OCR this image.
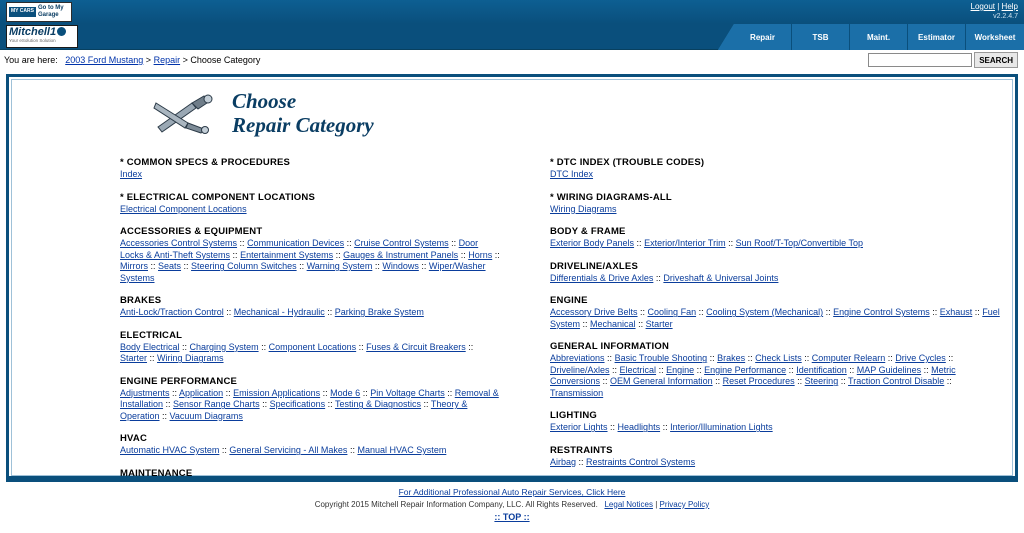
MY CARS
Go to My Garage
Logout | Help
v2.2.4.7
Mitchell1
Your eSolution Solution	Repair	TSB	Maint.	Estimator	Worksheet
You are here: 2003 Ford Mustang > Repair > Choose Category	SEARCH
Choose
Repair Category
* COMMON SPECS & PROCEDURES
Index
* ELECTRICAL COMPONENT LOCATIONS
Electrical Component Locations
ACCESSORIES & EQUIPMENT
Accessories Control Systems :: Communication Devices :: Cruise Control Systems :: Door Locks & Anti-Theft Systems :: Entertainment Systems :: Gauges & Instrument Panels :: Horns :: Mirrors :: Seats :: Steering Column Switches :: Warning System :: Windows :: Wiper/Washer Systems
BRAKES
Anti-Lock/Traction Control :: Mechanical - Hydraulic :: Parking Brake System
ELECTRICAL
Body Electrical :: Charging System :: Component Locations :: Fuses & Circuit Breakers :: Starter :: Wiring Diagrams
ENGINE PERFORMANCE
Adjustments :: Application :: Emission Applications :: Mode 6 :: Pin Voltage Charts :: Removal & Installation :: Sensor Range Charts :: Specifications :: Testing & Diagnostics :: Theory & Operation :: Vacuum Diagrams
HVAC
Automatic HVAC System :: General Servicing - All Makes :: Manual HVAC System
MAINTENANCE
* DTC INDEX (TROUBLE CODES)
DTC Index
* WIRING DIAGRAMS-ALL
Wiring Diagrams
BODY & FRAME
Exterior Body Panels :: Exterior/Interior Trim :: Sun Roof/T-Top/Convertible Top
DRIVELINE/AXLES
Differentials & Drive Axles :: Driveshaft & Universal Joints
ENGINE
Accessory Drive Belts :: Cooling Fan :: Cooling System (Mechanical) :: Engine Control Systems :: Exhaust :: Fuel System :: Mechanical :: Starter
GENERAL INFORMATION
Abbreviations :: Basic Trouble Shooting :: Brakes :: Check Lists :: Computer Relearn :: Drive Cycles :: Driveline/Axles :: Electrical :: Engine :: Engine Performance :: Identification :: MAP Guidelines :: Metric Conversions :: OEM General Information :: Reset Procedures :: Steering :: Traction Control Disable :: Transmission
LIGHTING
Exterior Lights :: Headlights :: Interior/Illumination Lights
RESTRAINTS
Airbag :: Restraints Control Systems
For Additional Professional Auto Repair Services, Click Here
Copyright 2015 Mitchell Repair Information Company, LLC. All Rights Reserved. Legal Notices | Privacy Policy
:: TOP ::
